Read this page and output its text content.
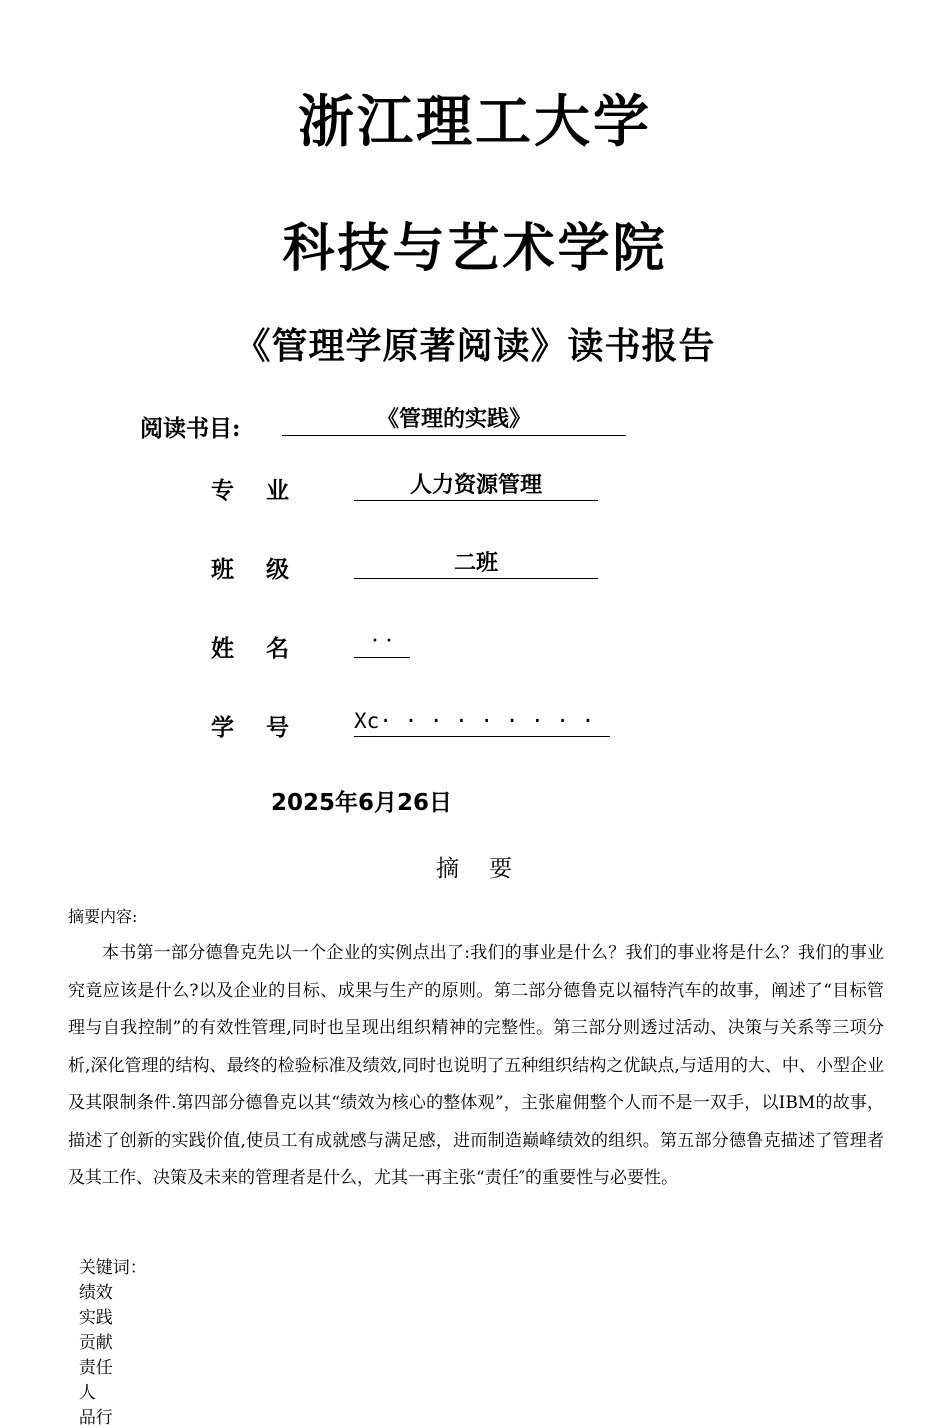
浙江理工大学
科技与艺术学院
《管理学原著阅读》读书报告
阅读书目:	《管理的实践》
专    业	人力资源管理
班    级	二班
姓    名	· ·
学    号	Xc· · · · · · · · ·
2025年6月26日
摘   要
摘要内容:

本书第一部分德鲁克先以一个企业的实例点出了:我们的事业是什么？我们的事业将是什么？我们的事业究竟应该是什么?以及企业的目标、成果与生产的原则。第二部分德鲁克以福特汽车的故事，阐述了“目标管理与自我控制”的有效性管理,同时也呈现出组织精神的完整性。第三部分则透过活动、决策与关系等三项分析,深化管理的结构、最终的检验标准及绩效,同时也说明了五种组织结构之优缺点,与适用的大、中、小型企业及其限制条件.第四部分德鲁克以其“绩效为核心的整体观”，主张雇佣整个人而不是一双手，以IBM的故事，描述了创新的实践价值,使员工有成就感与满足感，进而制造巅峰绩效的组织。第五部分德鲁克描述了管理者及其工作、决策及未来的管理者是什么，尤其一再主张“责任″的重要性与必要性。

关键词：
绩效
实践
贡献
责任
人
品行
